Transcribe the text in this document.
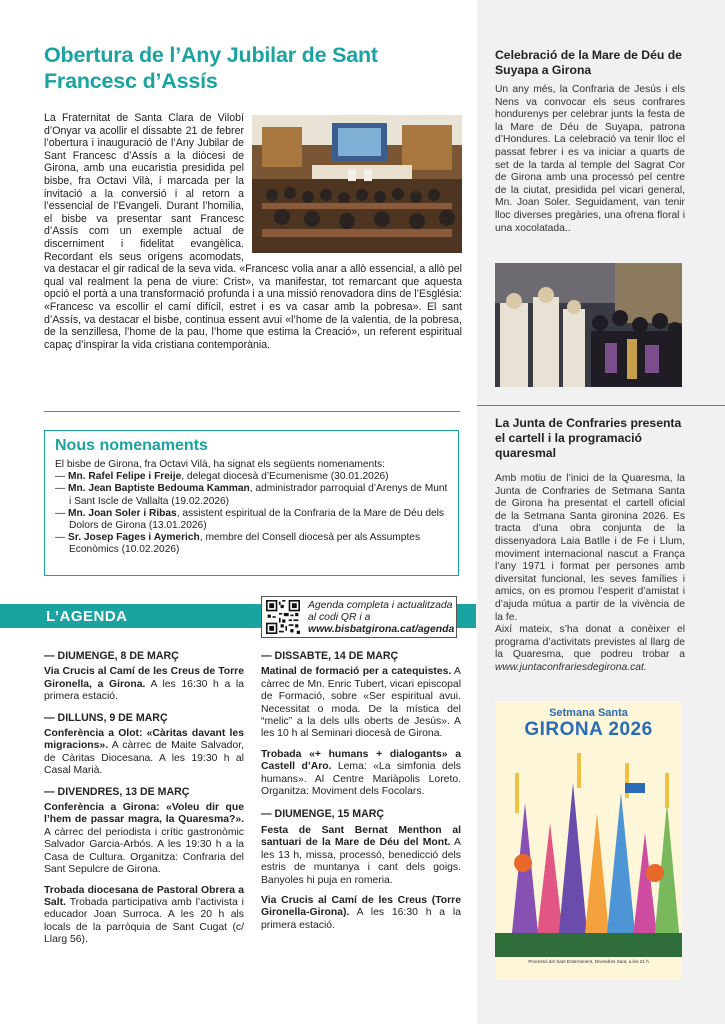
Obertura de l’Any Jubilar de Sant Francesc d’Assís

La Fraternitat de Santa Clara de Vilobí d’Onyar va acollir el dissabte 21 de febrer l’obertura i inauguració de l’Any Jubilar de Sant Francesc d’Assís a la diòcesi de Girona, amb una eucaristia presidida pel bisbe, fra Octavi Vilà, i marcada per la invitació a la conversió i al retorn a l’essencial de l’Evangeli. Durant l’homilia, el bisbe va presentar sant Francesc d’Assís com un exemple actual de discerniment i fidelitat evangèlica. Recordant els seus orígens acomodats, va destacar el gir radical de la seva vida. «Francesc volia anar a allò essencial, a allò pel qual val realment la pena de viure: Crist», va manifestar, tot remarcant que aquesta opció el portà a una transformació profunda i a una missió renovadora dins de l’Església: «Francesc va escollir el camí difícil, estret i es va casar amb la pobresa». El sant d’Assís, va destacar el bisbe, continua essent avui «l’home de la valentia, de la pobresa, de la senzillesa, l’home de la pau, l’home que estima la Creació», un referent espiritual capaç d’inspirar la vida cristiana contemporània.

Nous nomenaments
El bisbe de Girona, fra Octavi Vilà, ha signat els següents nomenaments:
— Mn. Rafel Felipe i Freije, delegat diocesà d’Ecumenisme (30.01.2026)
— Mn. Jean Baptiste Bedouma Kamman, administrador parroquial d’Arenys de Munt i Sant Iscle de Vallalta (19.02.2026)
— Mn. Joan Soler i Ribas, assistent espiritual de la Confraria de la Mare de Déu dels Dolors de Girona (13.01.2026)
— Sr. Josep Fages i Aymerich, membre del Consell diocesà per als Assumptes Econòmics (10.02.2026)
L’AGENDA
Agenda completa i actualitzada al codi QR i a
www.bisbatgirona.cat/agenda
— DIUMENGE, 8 DE MARÇ
Via Crucis al Camí de les Creus de Torre Gironella, a Girona. A les 16:30 h a la primera estació.
— DILLUNS, 9 DE MARÇ
Conferència a Olot: «Càritas davant les migracions». A càrrec de Maite Salvador, de Càritas Diocesana. A les 19:30 h al Casal Marià.
— DIVENDRES, 13 DE MARÇ
Conferència a Girona: «Voleu dir que l’hem de passar magra, la Quaresma?». A càrrec del periodista i crític gastronòmic Salvador Garcia-Arbós. A les 19:30 h a la Casa de Cultura. Organitza: Confraria del Sant Sepulcre de Girona.
Trobada diocesana de Pastoral Obrera a Salt. Trobada participativa amb l’activista i educador Joan Surroca. A les 20 h als locals de la parròquia de Sant Cugat (c/ Llarg 56).
— DISSABTE, 14 DE MARÇ
Matinal de formació per a catequistes. A càrrec de Mn. Enric Tubert, vicari episcopal de Formació, sobre «Ser espiritual avui. Necessitat o moda. De la mística del “melic” a la dels ulls oberts de Jesús». A les 10 h al Seminari diocesà de Girona.
Trobada «+ humans + dialogants» a Castell d’Aro. Lema: «La simfonia dels humans». Al Centre Mariàpolis Loreto. Organitza: Moviment dels Focolars.
— DIUMENGE, 15 MARÇ
Festa de Sant Bernat Menthon al santuari de la Mare de Déu del Mont. A les 13 h, missa, processó, benedicció dels estris de muntanya i cant dels goigs. Banyoles hi puja en romeria.
Via Crucis al Camí de les Creus (Torre Gironella-Girona). A les 16:30 h a la primera estació.
Celebració de la Mare de Déu de Suyapa a Girona
Un any més, la Confraria de Jesús i els Nens va convocar els seus confrares hondurenys per celebrar junts la festa de la Mare de Déu de Suyapa, patrona d’Hondures. La celebració va tenir lloc el passat febrer i es va iniciar a quarts de set de la tarda al temple del Sagrat Cor de Girona amb una processó pel centre de la ciutat, presidida pel vicari general, Mn. Joan Soler. Seguidament, van tenir lloc diverses pregàries, una ofrena floral i una xocolatada..
La Junta de Confraries presenta el cartell i la programació quaresmal
Amb motiu de l’inici de la Quaresma, la Junta de Confraries de Setmana Santa de Girona ha presentat el cartell oficial de la Setmana Santa gironina 2026. Es tracta d’una obra conjunta de la dissenyadora Laia Batlle i de Fe i Llum, moviment internacional nascut a França l’any 1971 i format per persones amb diversitat funcional, les seves famílies i amics, on es promou l’esperit d’amistat i d’ajuda mútua a partir de la vivència de la fe.
Així mateix, s’ha donat a conèixer el programa d’activitats previstes al llarg de la Quaresma, que podreu trobar a www.juntaconfrariesdegirona.cat.
Setmana Santa
GIRONA 2026
Processó del Sant Enterrament, Divendres Sant, a les 21 h
